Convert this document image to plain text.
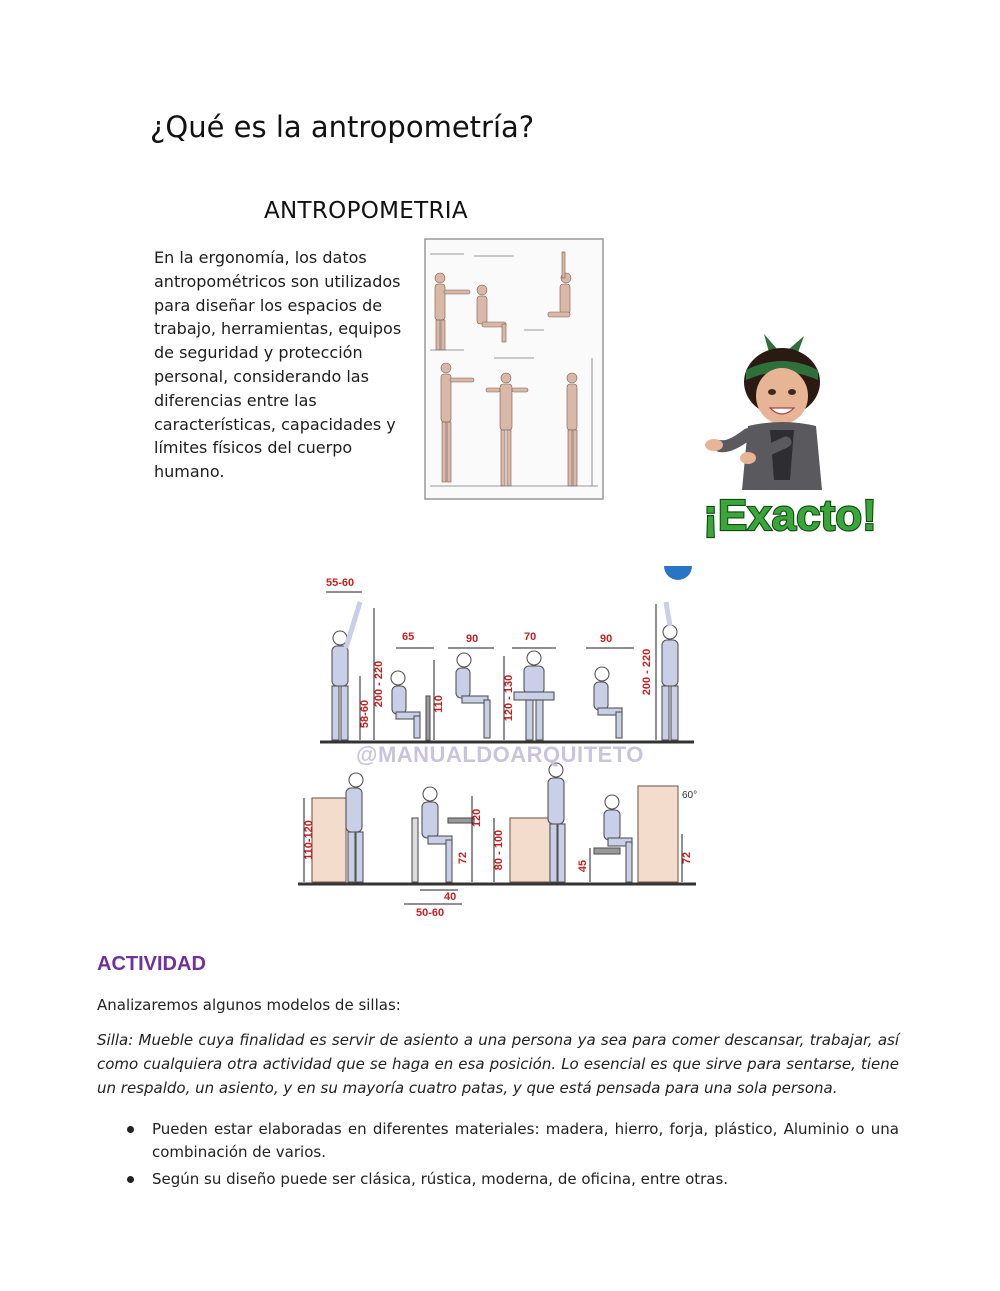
¿Qué es la antropometría?
ANTROPOMETRIA
En la ergonomía, los datos antropométricos son utilizados para diseñar los espacios de trabajo, herramientas, equipos de seguridad y protección personal, considerando las diferencias entre las características, capacidades y límites físicos del cuerpo humano.
¡Exacto!
55-60
200 - 220
58-60
65
110
90
120 - 130
70	90
200 - 220
110-120
120
72
40
50-60
80 - 100	45
72
60°
@MANUALDOARQUITETO
ACTIVIDAD
Analizaremos algunos modelos de sillas:
Silla: Mueble cuya finalidad es servir de asiento a una persona ya sea para comer descansar, trabajar, así como cualquiera otra actividad que se haga en esa posición. Lo esencial es que sirve para sentarse, tiene un respaldo, un asiento, y en su mayoría cuatro patas, y que está pensada para una sola persona.
Pueden estar elaboradas en diferentes materiales: madera, hierro, forja, plástico, Aluminio o una combinación de varios.
Según su diseño puede ser clásica, rústica, moderna, de oficina, entre otras.
